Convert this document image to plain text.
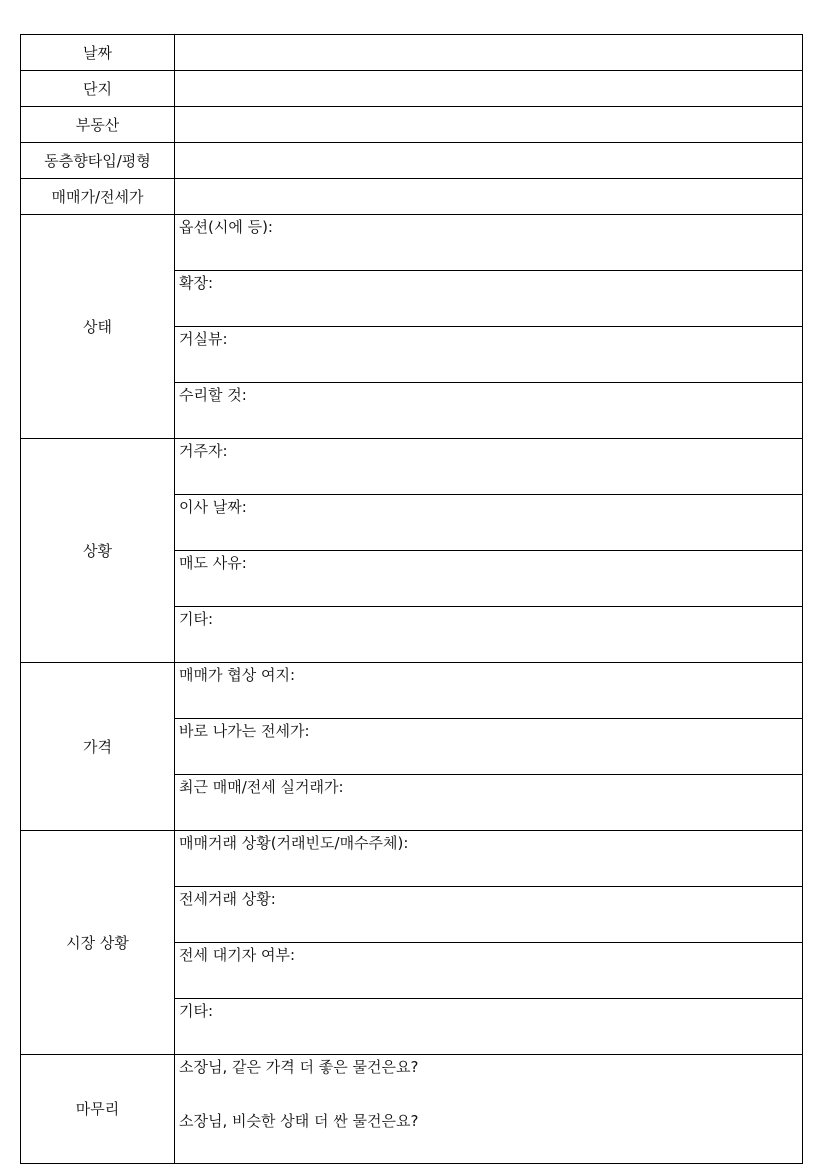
날짜	
단지	
부동산	
동층향타입/평형	
매매가/전세가	
상태	옵션(시에 등):
	확장:
	거실뷰:
	수리할 것:
상황	거주자:
	이사 날짜:
	매도 사유:
	기타:
가격	매매가 협상 여지:
	바로 나가는 전세가:
	최근 매매/전세 실거래가:
시장 상황	매매거래 상황(거래빈도/매수주체):
	전세거래 상황:
	전세 대기자 여부:
	기타:
마무리	소장님, 같은 가격 더 좋은 물건은요?
소장님, 비슷한 상태 더 싼 물건은요?
